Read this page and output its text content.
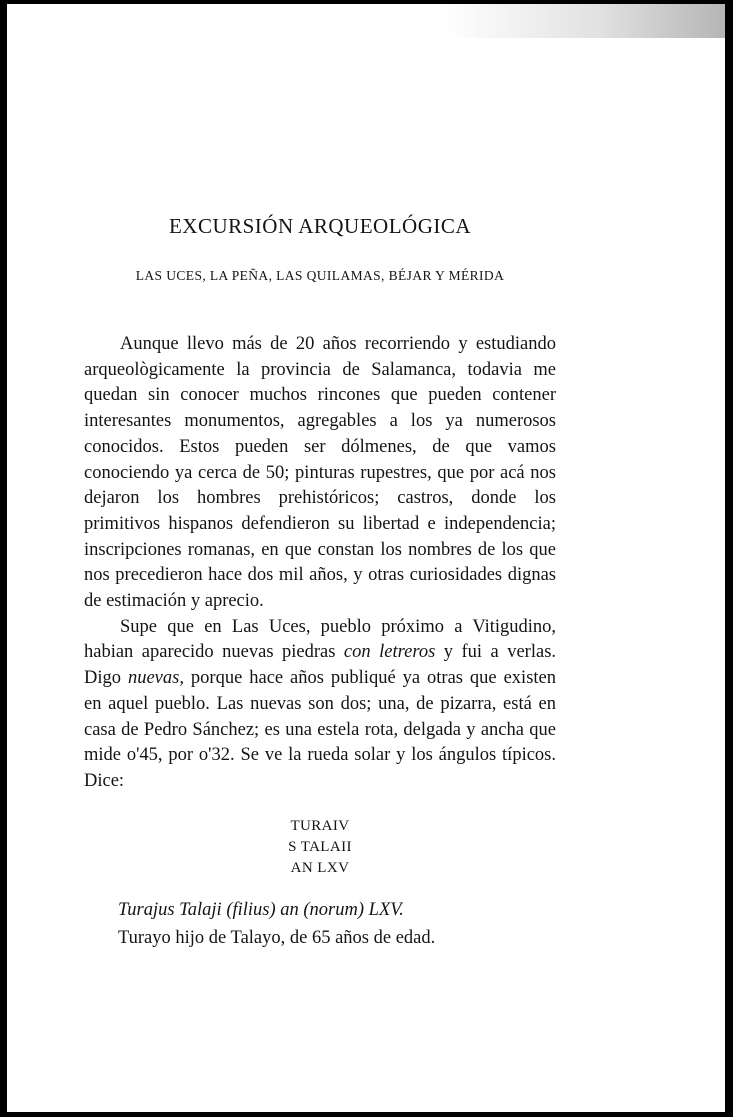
EXCURSIÓN ARQUEOLÓGICA
LAS UCES, LA PEÑA, LAS QUILAMAS, BÉJAR Y MÉRIDA

Aunque llevo más de 20 años recorriendo y estudiando arqueològicamente la provincia de Salamanca, todavia me quedan sin conocer muchos rincones que pueden contener interesantes monumentos, agregables a los ya numerosos conocidos. Estos pueden ser dólmenes, de que vamos conociendo ya cerca de 50; pinturas rupestres, que por acá nos dejaron los hombres prehistóricos; castros, donde los primitivos hispanos defendieron su libertad e independencia; inscripciones romanas, en que constan los nombres de los que nos precedieron hace dos mil años, y otras curiosidades dignas de estimación y aprecio.

Supe que en Las Uces, pueblo próximo a Vitigudino, habian aparecido nuevas piedras con letreros y fui a verlas. Digo nuevas, porque hace años publiqué ya otras que existen en aquel pueblo. Las nuevas son dos; una, de pizarra, está en casa de Pedro Sánchez; es una estela rota, delgada y ancha que mide o'45, por o'32. Se ve la rueda solar y los ángulos típicos. Dice:

TURAIV
S TALAII
AN LXV
Turajus Talaji (filius) an (norum) LXV.
Turayo hijo de Talayo, de 65 años de edad.
